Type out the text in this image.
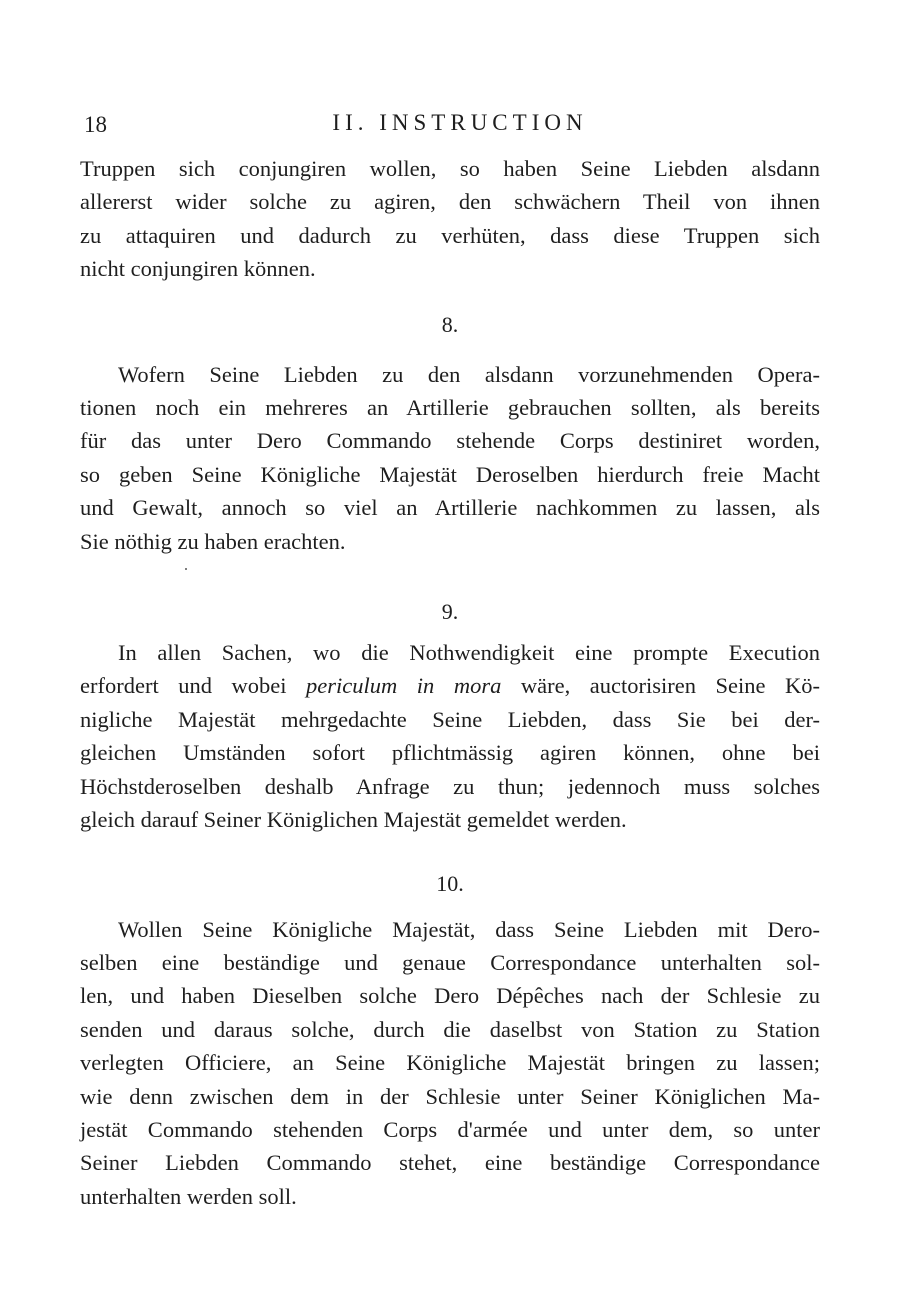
18	II. INSTRUCTION

Truppen sich conjungiren wollen, so haben Seine Liebden alsdann
allererst wider solche zu agiren, den schwächern Theil von ihnen
zu attaquiren und dadurch zu verhüten, dass diese Truppen sich
nicht conjungiren können.

8.

Wofern Seine Liebden zu den alsdann vorzunehmenden Opera-
tionen noch ein mehreres an Artillerie gebrauchen sollten, als bereits
für das unter Dero Commando stehende Corps destiniret worden,
so geben Seine Königliche Majestät Deroselben hierdurch freie Macht
und Gewalt, annoch so viel an Artillerie nachkommen zu lassen, als
Sie nöthig zu haben erachten.

9.

In allen Sachen, wo die Nothwendigkeit eine prompte Execution
erfordert und wobei periculum in mora wäre, auctorisiren Seine Kö-
nigliche Majestät mehrgedachte Seine Liebden, dass Sie bei der-
gleichen Umständen sofort pflichtmässig agiren können, ohne bei
Höchstderoselben deshalb Anfrage zu thun; jedennoch muss solches
gleich darauf Seiner Königlichen Majestät gemeldet werden.

10.

Wollen Seine Königliche Majestät, dass Seine Liebden mit Dero-
selben eine beständige und genaue Correspondance unterhalten sol-
len, und haben Dieselben solche Dero Dépêches nach der Schlesie zu
senden und daraus solche, durch die daselbst von Station zu Station
verlegten Officiere, an Seine Königliche Majestät bringen zu lassen;
wie denn zwischen dem in der Schlesie unter Seiner Königlichen Ma-
jestät Commando stehenden Corps d'armée und unter dem, so unter
Seiner Liebden Commando stehet, eine beständige Correspondance
unterhalten werden soll.
